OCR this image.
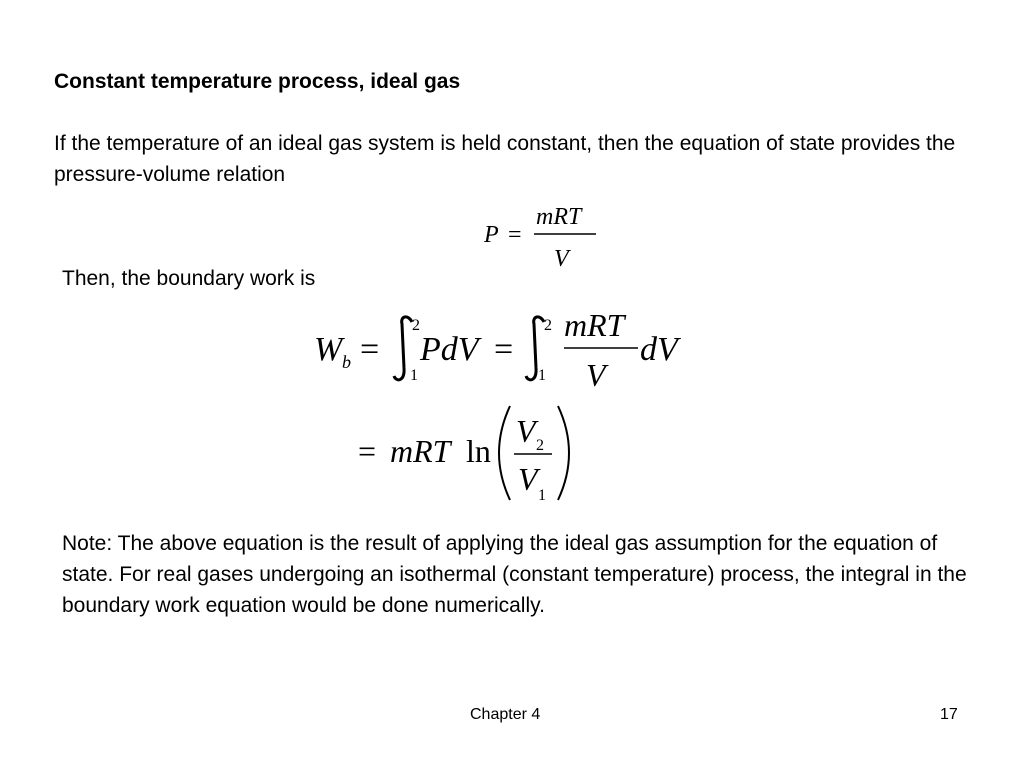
Constant temperature process, ideal gas
If the temperature of an ideal gas system is held constant, then the equation of state provides the pressure-volume relation
P =
mRT
V
Then, the boundary work is
W b =
2
1
PdV =
2
1
mRT
V
dV
= mRT ln
V 2
V 1
Note: The above equation is the result of applying the ideal gas assumption for the equation of state. For real gases undergoing an isothermal (constant temperature) process, the integral in the boundary work equation would be done numerically.
Chapter 4	17
